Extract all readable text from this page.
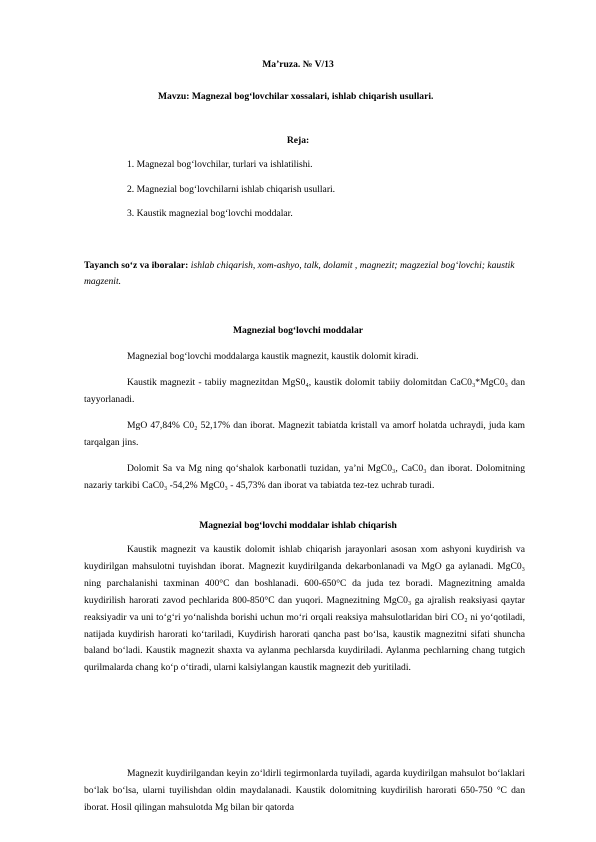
Ma’ruza. № V/13
Mavzu: Magnezal bog‘lovchilar xossalari, ishlab chiqarish usullari.
Reja:
1. Magnezal bog‘lovchilar, turlari va ishlatilishi.
2. Magnezial bog‘lovchilarni ishlab chiqarish usullari.
3. Kaustik magnezial bog‘lovchi moddalar.
Tayanch so‘z va iboralar: ishlab chiqarish, xom-ashyo, talk, dolamit , magnezit; magzezial bog‘lovchi; kaustik magzenit.
Magnezial bog‘lovchi moddalar
Magnezial bog‘lovchi moddalarga kaustik magnezit, kaustik dolomit kiradi.
Kaustik magnezit - tabiiy magnezitdan MgS0₄, kaustik dolomit tabiiy dolomitdan CaC0₃*MgC0₃ dan tayyorlanadi.
MgO 47,84% C0₂ 52,17% dan iborat. Magnezit tabiatda kristall va amorf holatda uchraydi, juda kam tarqalgan jins.
Dolomit Sa va Mg ning qo‘shalok karbonatli tuzidan, ya’ni MgC0₃, CaC0₃ dan iborat. Dolomitning nazariy tarkibi CaC0₃ -54,2% MgC0₃ - 45,73% dan iborat va tabiatda tez-tez uchrab turadi.
Magnezial bog‘lovchi moddalar ishlab chiqarish
Kaustik magnezit va kaustik dolomit ishlab chiqarish jarayonlari asosan xom ashyoni kuydirish va kuydirilgan mahsulotni tuyishdan iborat. Magnezit kuydirilganda dekarbonlanadi va MgO ga aylanadi. MgC0₃ ning parchalanishi taxminan 400°C dan boshlanadi. 600-650°C da juda tez boradi. Magnezitning amalda kuydirilish harorati zavod pechlarida 800-850°C dan yuqori. Magnezitning MgC0₃ ga ajralish reaksiyasi qaytar reaksiyadir va uni to‘g‘ri yo‘nalishda borishi uchun mo‘ri orqali reaksiya mahsulotlaridan biri CO₂ ni yo‘qotiladi, natijada kuydirish harorati ko‘tariladi, Kuydirish harorati qancha past bo‘lsa, kaustik magnezitni sifati shuncha baland bo‘ladi. Kaustik magnezit shaxta va aylanma pechlarsda kuydiriladi. Aylanma pechlarning chang tutgich qurilmalarda chang ko‘p o‘tiradi, ularni kalsiylangan kaustik magnezit deb yuritiladi.
Magnezit kuydirilgandan keyin zo‘ldirli tegirmonlarda tuyiladi, agarda kuydirilgan mahsulot bo‘laklari bo‘lak bo‘lsa, ularni tuyilishdan oldin maydalanadi. Kaustik dolomitning kuydirilish harorati 650-750 °C dan iborat. Hosil qilingan mahsulotda Mg bilan bir qatorda
